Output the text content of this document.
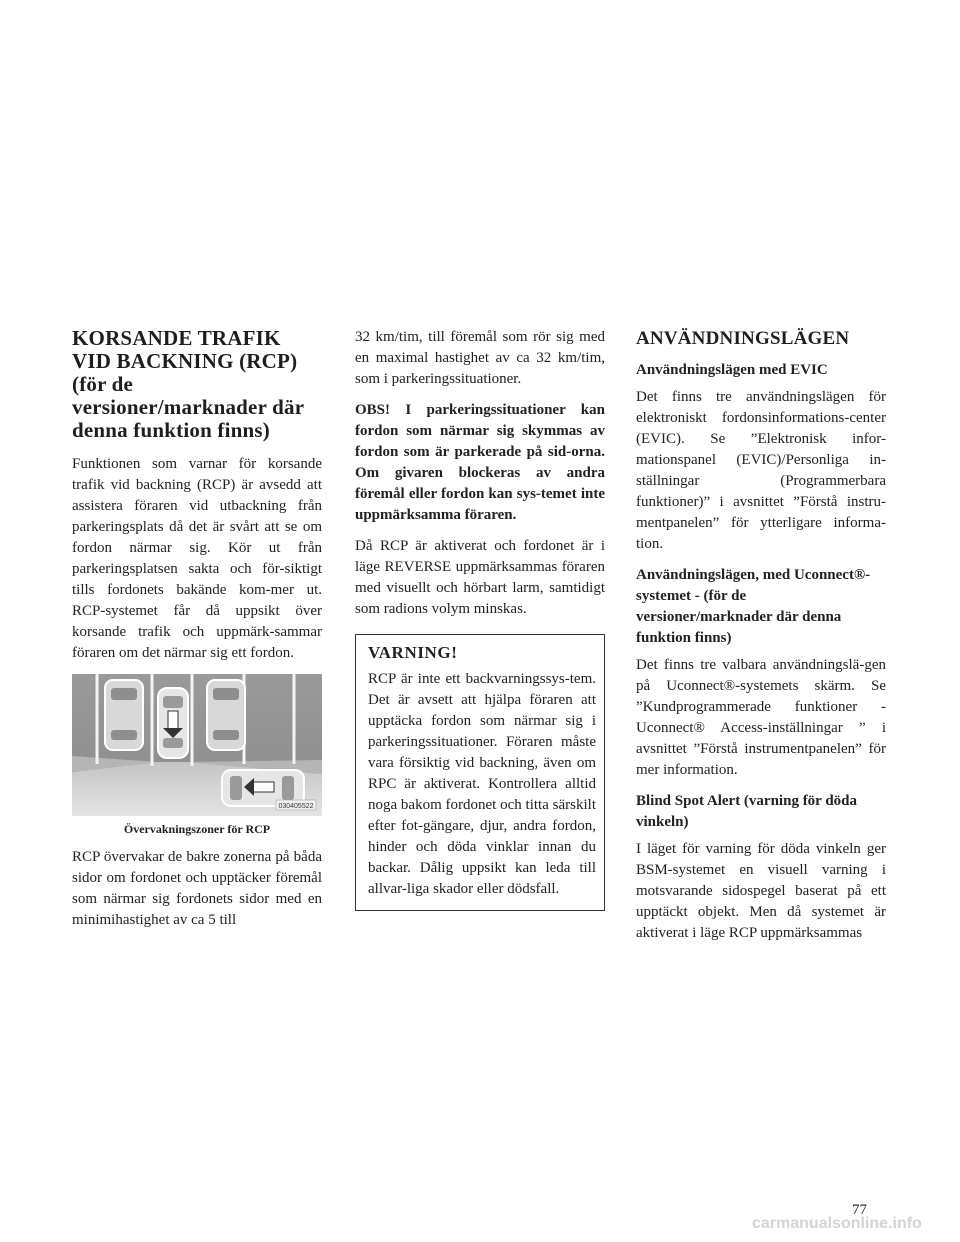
KORSANDE TRAFIK VID BACKNING (RCP) (för de versioner/marknader där denna funktion finns)

Funktionen som varnar för korsande trafik vid backning (RCP) är avsedd att assistera föraren vid utbackning från parkeringsplats då det är svårt att se om fordon närmar sig. Kör ut från parkeringsplatsen sakta och för-siktigt tills fordonets bakände kom-mer ut. RCP-systemet får då uppsikt över korsande trafik och uppmärk-sammar föraren om det närmar sig ett fordon.

030405522
Övervakningszoner för RCP

RCP övervakar de bakre zonerna på båda sidor om fordonet och upptäcker föremål som närmar sig fordonets sidor med en minimihastighet av ca 5 till

32 km/tim, till föremål som rör sig med en maximal hastighet av ca 32 km/tim, som i parkeringssituationer.

OBS! I parkeringssituationer kan fordon som närmar sig skymmas av fordon som är parkerade på sid-orna. Om givaren blockeras av andra föremål eller fordon kan sys-temet inte uppmärksamma föraren.

Då RCP är aktiverat och fordonet är i läge REVERSE uppmärksammas föraren med visuellt och hörbart larm, samtidigt som radions volym minskas.

VARNING!

RCP är inte ett backvarningssys-tem. Det är avsett att hjälpa föraren att upptäcka fordon som närmar sig i parkeringssituationer. Föraren måste vara försiktig vid backning, även om RPC är aktiverat. Kontrollera alltid noga bakom fordonet och titta särskilt efter fot-gängare, djur, andra fordon, hinder och döda vinklar innan du backar. Dålig uppsikt kan leda till allvar-liga skador eller dödsfall.

ANVÄNDNINGSLÄGEN

Användningslägen med EVIC

Det finns tre användningslägen för elektroniskt fordonsinformations-center (EVIC). Se ”Elektronisk infor-mationspanel (EVIC)/Personliga in-ställningar (Programmerbara funktioner)” i avsnittet ”Förstå instru-mentpanelen” för ytterligare informa-tion.

Användningslägen, med Uconnect®-systemet - (för de versioner/marknader där denna funktion finns)

Det finns tre valbara användningslä-gen på Uconnect®-systemets skärm. Se ”Kundprogrammerade funktioner - Uconnect® Access-inställningar ” i avsnittet ”Förstå instrumentpanelen” för mer information.

Blind Spot Alert (varning för döda vinkeln)

I läget för varning för döda vinkeln ger BSM-systemet en visuell varning i motsvarande sidospegel baserat på ett upptäckt objekt. Men då systemet är aktiverat i läge RCP uppmärksammas

77
carmanualsonline.info
